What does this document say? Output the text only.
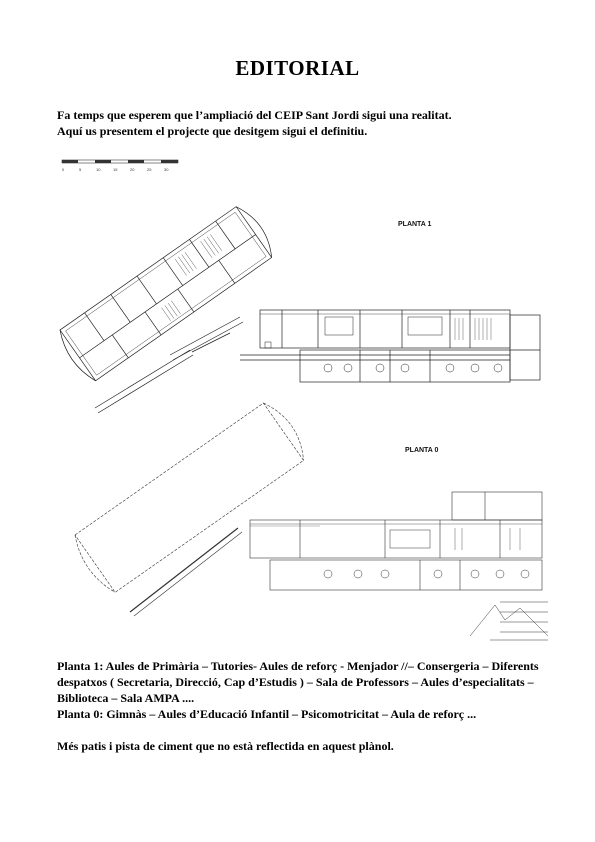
EDITORIAL
Fa temps que esperem que l’ampliació del CEIP Sant Jordi sigui una realitat.
Aquí us presentem el projecte que desitgem sigui el definitiu.
0	5	10	15	20	25	30
PLANTA 1
PLANTA 0

Planta 1: Aules de Primària – Tutories- Aules de reforç - Menjador //– Consergeria – Diferents despatxos ( Secretaria, Direcció, Cap d’Estudis ) – Sala de Professors – Aules d’especialitats – Biblioteca – Sala AMPA ....

Planta 0: Gimnàs – Aules d’Educació Infantil – Psicomotricitat – Aula de reforç ...

Més patis i pista de ciment que no està reflectida en aquest plànol.
